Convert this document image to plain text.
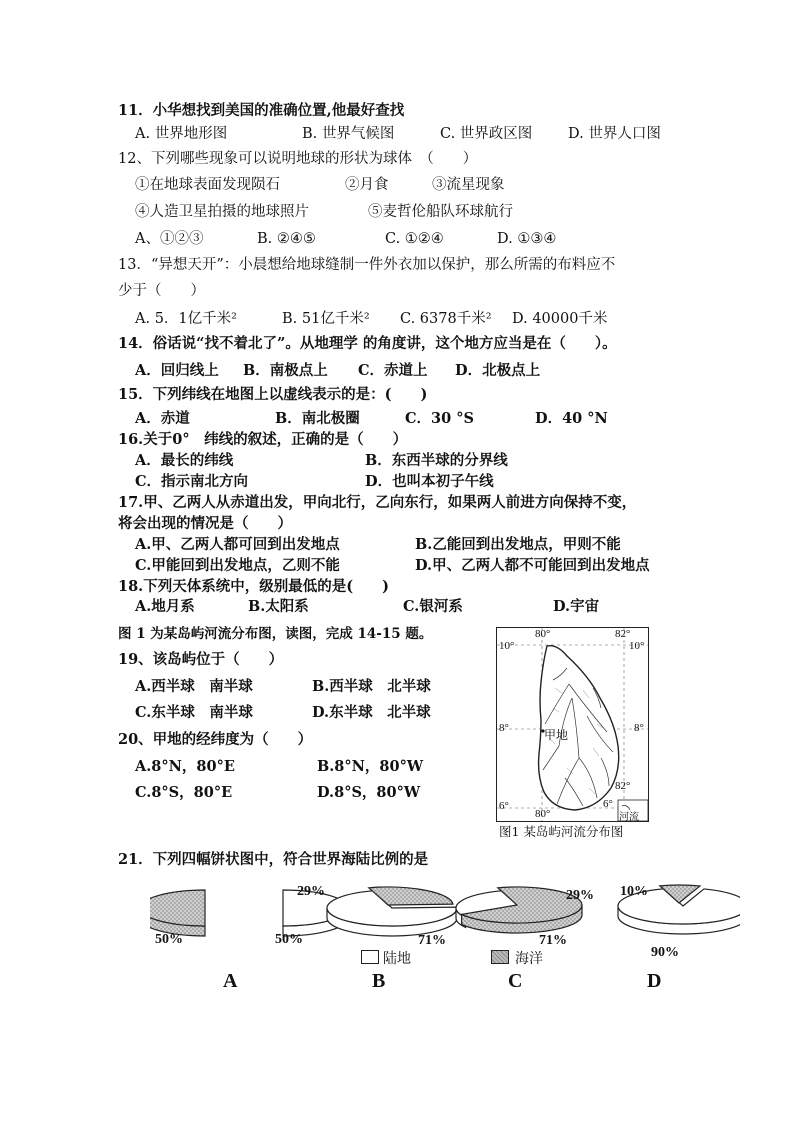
11．小华想找到美国的准确位置,他最好查找
A. 世界地形图	B. 世界气候图	C. 世界政区图 D. 世界人口图
12、下列哪些现象可以说明地球的形状为球体　（　　）
①在地球表面发现陨石	②月食	③流星现象
④人造卫星拍摄的地球照片	⑤麦哲伦船队环球航行
A、①②③	B. ②④⑤	C. ①②④	D. ①③④
13．“异想天开”：小晨想给地球缝制一件外衣加以保护，那么所需的布料应不
少于（　　）
A. 5．1亿千米²	B. 51亿千米² C. 6378千米² D. 40000千米
14．俗话说“找不着北了”。从地理学 的角度讲，这个地方应当是在（　　）。
A．回归线上 B．南极点上 C．赤道上 D．北极点上
15．下列纬线在地图上以虚线表示的是：(　　)
A．赤道	B．南北极圈	C．30 °S	D．40 °N
16.关于0°　纬线的叙述，正确的是（　　）
A．最长的纬线	B．东西半球的分界线
C．指示南北方向	D．也叫本初子午线
17.甲、乙两人从赤道出发，甲向北行，乙向东行，如果两人前进方向保持不变，
将会出现的情况是（　　）
A.甲、乙两人都可回到出发地点	B.乙能回到出发地点，甲则不能
C.甲能回到出发地点，乙则不能	D.甲、乙两人都不可能回到出发地点
18.下列天体系统中，级别最低的是(　　)
A.地月系	B.太阳系	C.银河系	D.宇宙
图 1 为某岛屿河流分布图，读图，完成 14-15 题。
19、该岛屿位于（　　）
A.西半球　南半球	B.西半球　北半球
C.东半球　南半球	D.东半球　北半球
20、甲地的经纬度为（　　）
A.8°N，80°E	B.8°N，80°W
C.8°S，80°E	D.8°S，80°W
80°	82°
80°
82°
10°	10°
8°	8°
6°	6°
甲地
河流
图1 某岛屿河流分布图
21．下列四幅饼状图中，符合世界海陆比例的是
50%	50%
29%
71%
29%
71%
10%
90%
陆地	海洋
A	B	C	D
